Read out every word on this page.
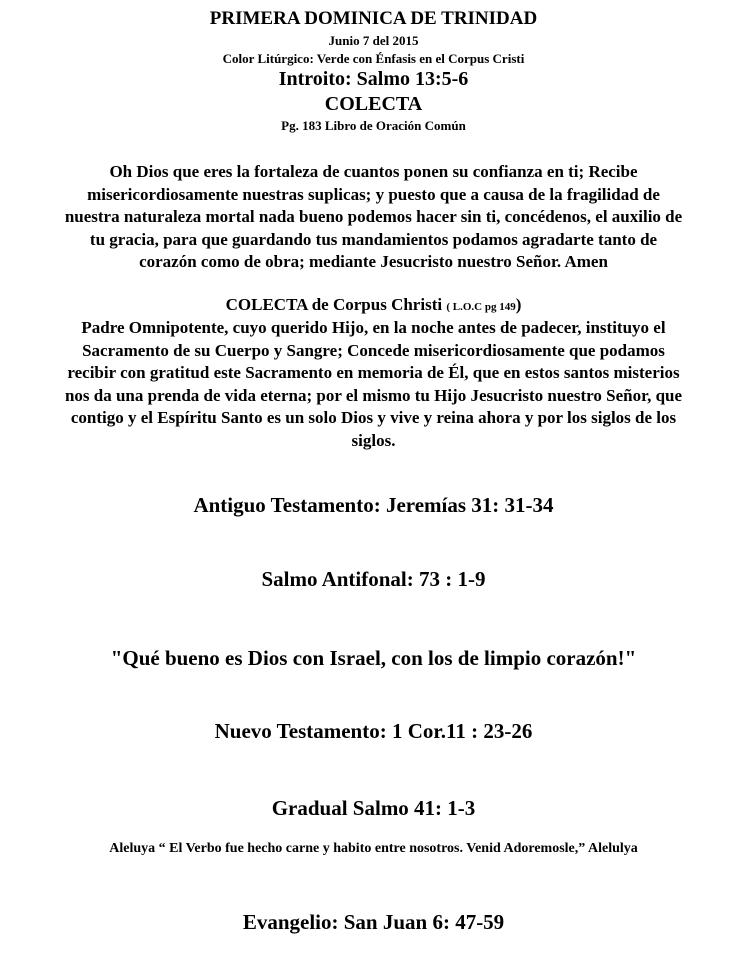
PRIMERA DOMINICA DE TRINIDAD
Junio 7 del 2015
Color Litúrgico: Verde con Énfasis en el Corpus Cristi
Introito: Salmo 13:5-6
COLECTA
Pg. 183 Libro de Oración Común
Oh Dios que eres la fortaleza de cuantos ponen su confianza en ti; Recibe
misericordiosamente nuestras suplicas; y puesto que a causa de la fragilidad de
nuestra naturaleza mortal nada bueno podemos hacer sin ti, concédenos, el auxilio de
tu gracia, para que guardando tus mandamientos podamos agradarte tanto de
corazón como de obra; mediante Jesucristo nuestro Señor. Amen
COLECTA de Corpus Christi ( L.O.C pg 149)
Padre Omnipotente, cuyo querido Hijo, en la noche antes de padecer, instituyo el
Sacramento de su Cuerpo y Sangre; Concede misericordiosamente que podamos
recibir con gratitud este Sacramento en memoria de Él, que en estos santos misterios
nos da una prenda de vida eterna; por el mismo tu Hijo Jesucristo nuestro Señor, que
contigo y el Espíritu Santo es un solo Dios y vive y reina ahora y por los siglos de los
siglos.
Antiguo Testamento: Jeremías 31: 31-34
Salmo Antifonal: 73 : 1-9
"Qué bueno es Dios con Israel, con los de limpio corazón!"
Nuevo Testamento: 1 Cor.11 : 23-26
Gradual Salmo 41: 1-3
Aleluya “ El Verbo fue hecho carne y habito entre nosotros. Venid Adoremosle,” Alelulya
Evangelio: San Juan 6: 47-59
